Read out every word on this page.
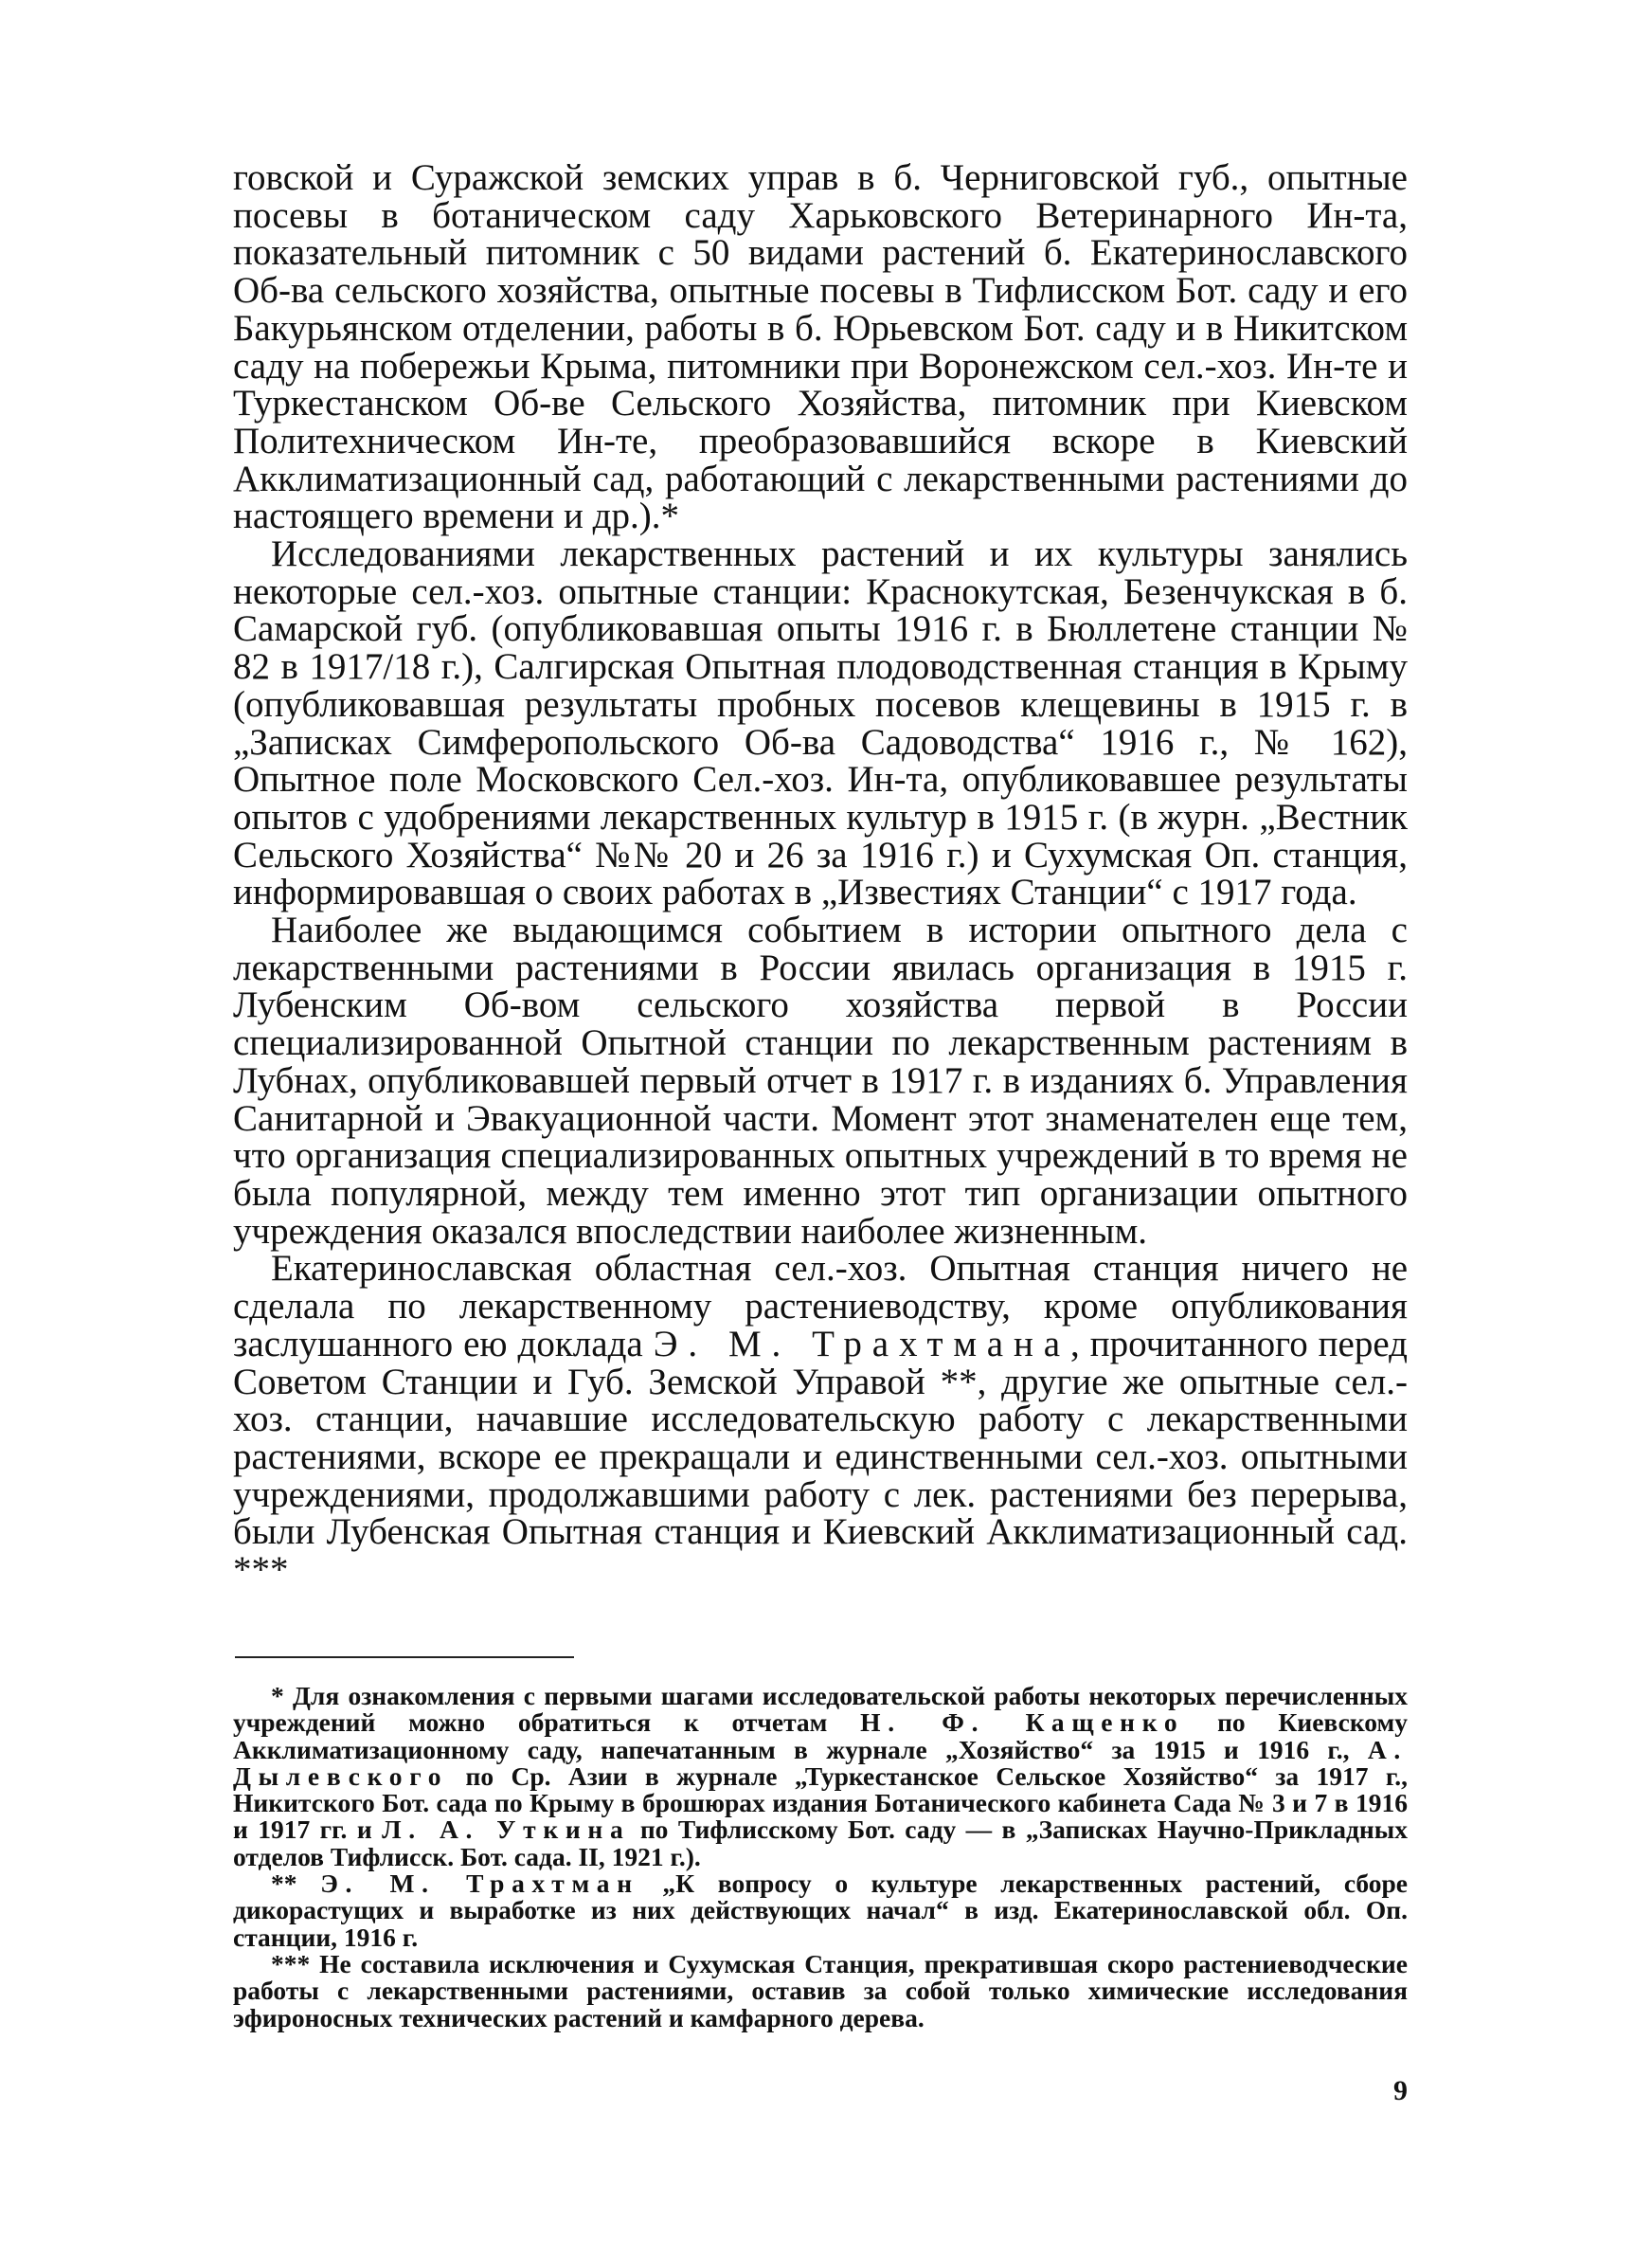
говской и Суражской земских управ в б. Черниговской губ., опытные посевы в ботаническом саду Харьковского Ветеринарного Ин-та, показательный питомник с 50 видами растений б. Екатеринославского Об-ва сельского хозяйства, опытные посевы в Тифлисском Бот. саду и его Бакурьянском отделении, работы в б. Юрьевском Бот. саду и в Никитском саду на побережьи Крыма, питомники при Воронежском сел.-хоз. Ин-те и Туркестанском Об-ве Сельского Хозяйства, питомник при Киевском Политехническом Ин-те, преобразовавшийся вскоре в Киевский Акклиматизационный сад, работающий с лекарственными растениями до настоящего времени и др.).*

Исследованиями лекарственных растений и их культуры занялись некоторые сел.-хоз. опытные станции: Краснокутская, Безенчукская в б. Самарской губ. (опубликовавшая опыты 1916 г. в Бюллетене станции № 82 в 1917/18 г.), Салгирская Опытная плодоводственная станция в Крыму (опубликовавшая результаты пробных посевов клещевины в 1915 г. в „Записках Симферопольского Об-ва Садоводства“ 1916 г., № 162), Опытное поле Московского Сел.-хоз. Ин-та, опубликовавшее результаты опытов с удобрениями лекарственных культур в 1915 г. (в журн. „Вестник Сельского Хозяйства“ №№ 20 и 26 за 1916 г.) и Сухумская Оп. станция, информировавшая о своих работах в „Известиях Станции“ с 1917 года.

Наиболее же выдающимся событием в истории опытного дела с лекарственными растениями в России явилась организация в 1915 г. Лубенским Об-вом сельского хозяйства первой в России специализированной Опытной станции по лекарственным растениям в Лубнах, опубликовавшей первый отчет в 1917 г. в изданиях б. Управления Санитарной и Эвакуационной части. Момент этот знаменателен еще тем, что организация специализированных опытных учреждений в то время не была популярной, между тем именно этот тип организации опытного учреждения оказался впоследствии наиболее жизненным.

Екатеринославская областная сел.-хоз. Опытная станция ничего не сделала по лекарственному растениеводству, кроме опубликования заслушанного ею доклада Э. М. Трахтмана, прочитанного перед Советом Станции и Губ. Земской Управой **, другие же опытные сел.-хоз. станции, начавшие исследовательскую работу с лекарственными растениями, вскоре ее прекращали и единственными сел.-хоз. опытными учреждениями, продолжавшими работу с лек. растениями без перерыва, были Лубенская Опытная станция и Киевский Акклиматизационный сад. ***

* Для ознакомления с первыми шагами исследовательской работы некоторых перечисленных учреждений можно обратиться к отчетам Н. Ф. Кащенко по Киевскому Акклиматизационному саду, напечатанным в журнале „Хозяйство“ за 1915 и 1916 г., А. Дылевского по Ср. Азии в журнале „Туркестанское Сельское Хозяйство“ за 1917 г., Никитского Бот. сада по Крыму в брошюрах издания Ботанического кабинета Сада № 3 и 7 в 1916 и 1917 гг. и Л. А. Уткина по Тифлисскому Бот. саду — в „Записках Научно-Прикладных отделов Тифлисск. Бот. сада. II, 1921 г.).

** Э. М. Трахтман „К вопросу о культуре лекарственных растений, сборе дикорастущих и выработке из них действующих начал“ в изд. Екатеринославской обл. Оп. станции, 1916 г.

*** Не составила исключения и Сухумская Станция, прекратившая скоро растениеводческие работы с лекарственными растениями, оставив за собой только химические исследования эфироносных технических растений и камфарного дерева.

9
